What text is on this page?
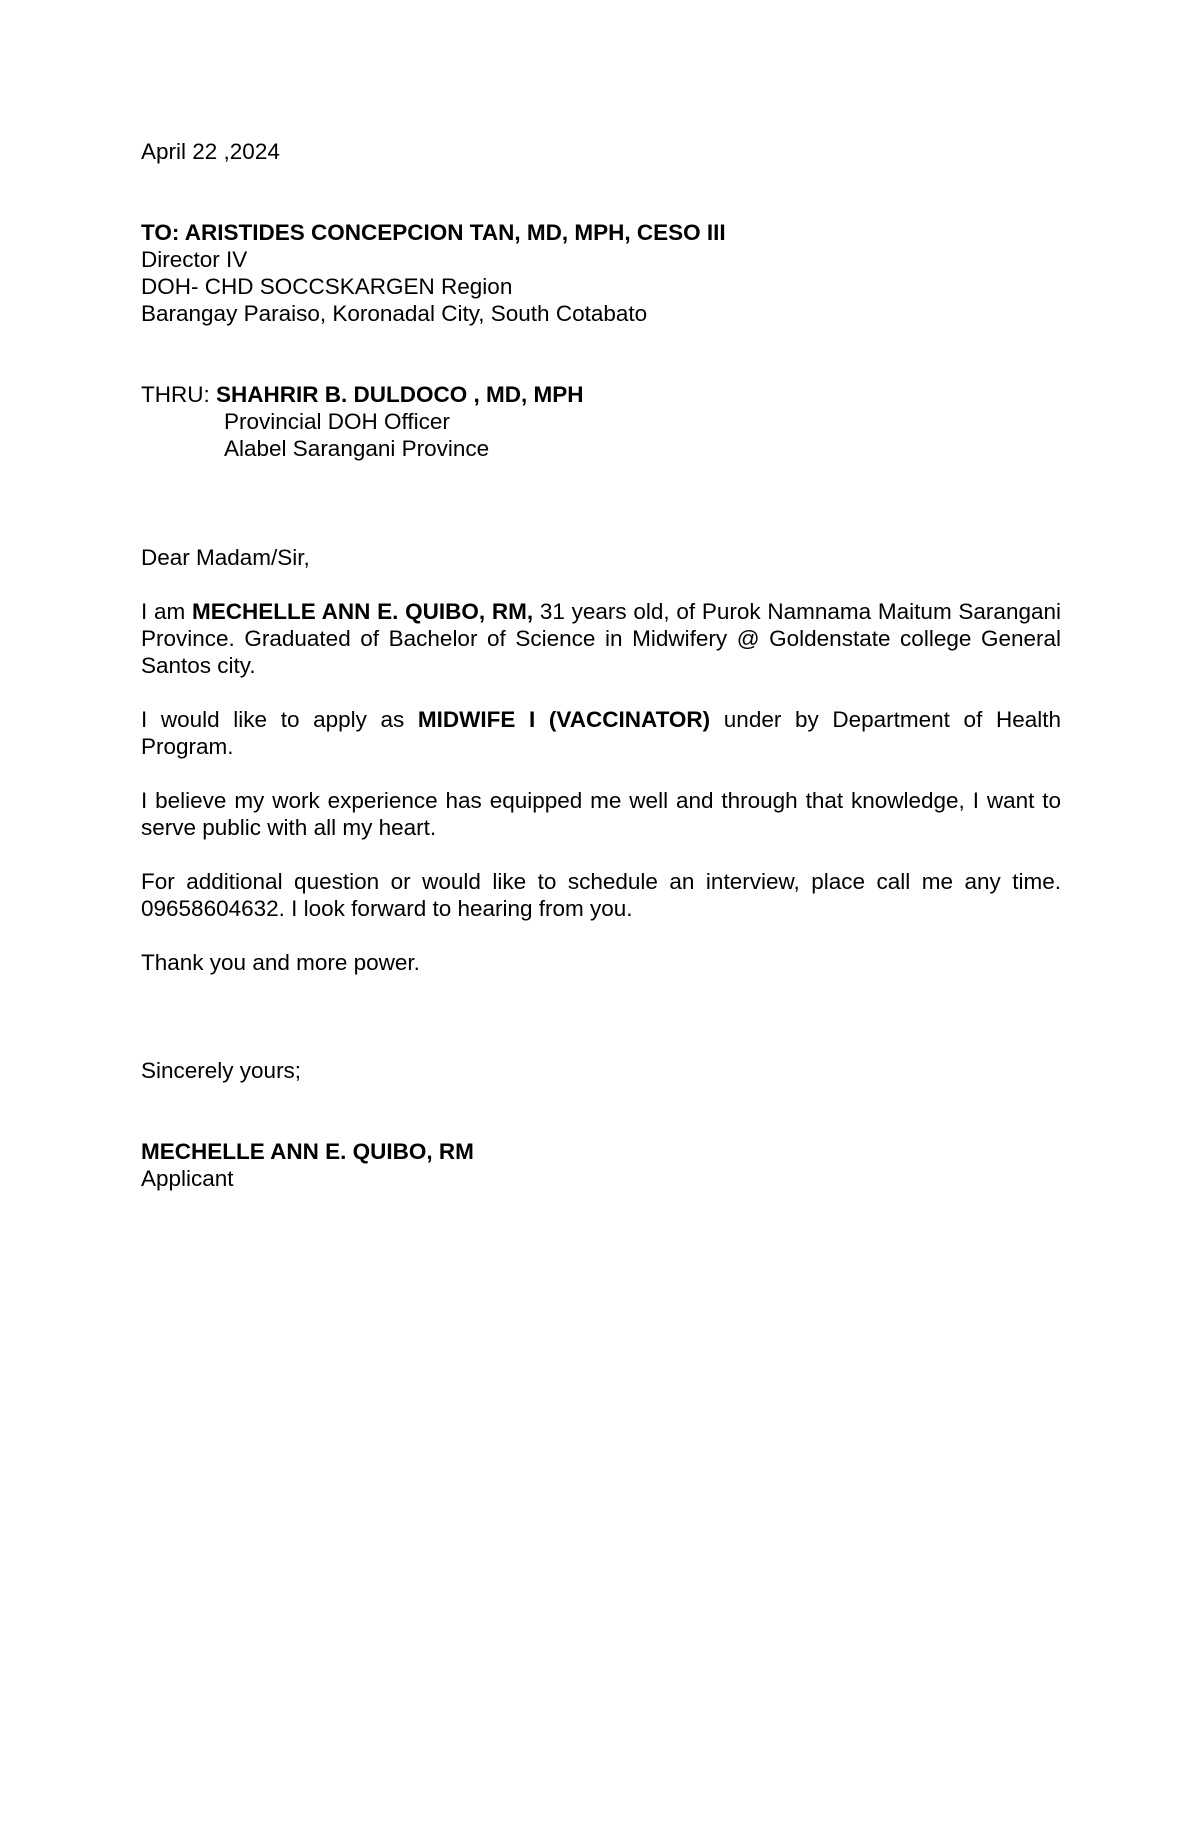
April 22 ,2024
TO: ARISTIDES CONCEPCION TAN, MD, MPH, CESO III
Director IV
DOH- CHD SOCCSKARGEN Region
Barangay Paraiso, Koronadal City, South Cotabato
THRU: SHAHRIR B. DULDOCO , MD, MPH
Provincial DOH Officer
Alabel Sarangani Province
Dear Madam/Sir,

I am MECHELLE ANN E. QUIBO, RM, 31 years old, of Purok Namnama Maitum Sarangani Province. Graduated of Bachelor of Science in Midwifery @ Goldenstate college General Santos city.

I would like to apply as MIDWIFE I (VACCINATOR) under by Department of Health Program.

I believe my work experience has equipped me well and through that knowledge, I want to serve public with all my heart.

For additional question or would like to schedule an interview, place call me any time. 09658604632. I look forward to hearing from you.

Thank you and more power.
Sincerely yours;
MECHELLE ANN E. QUIBO, RM
Applicant
